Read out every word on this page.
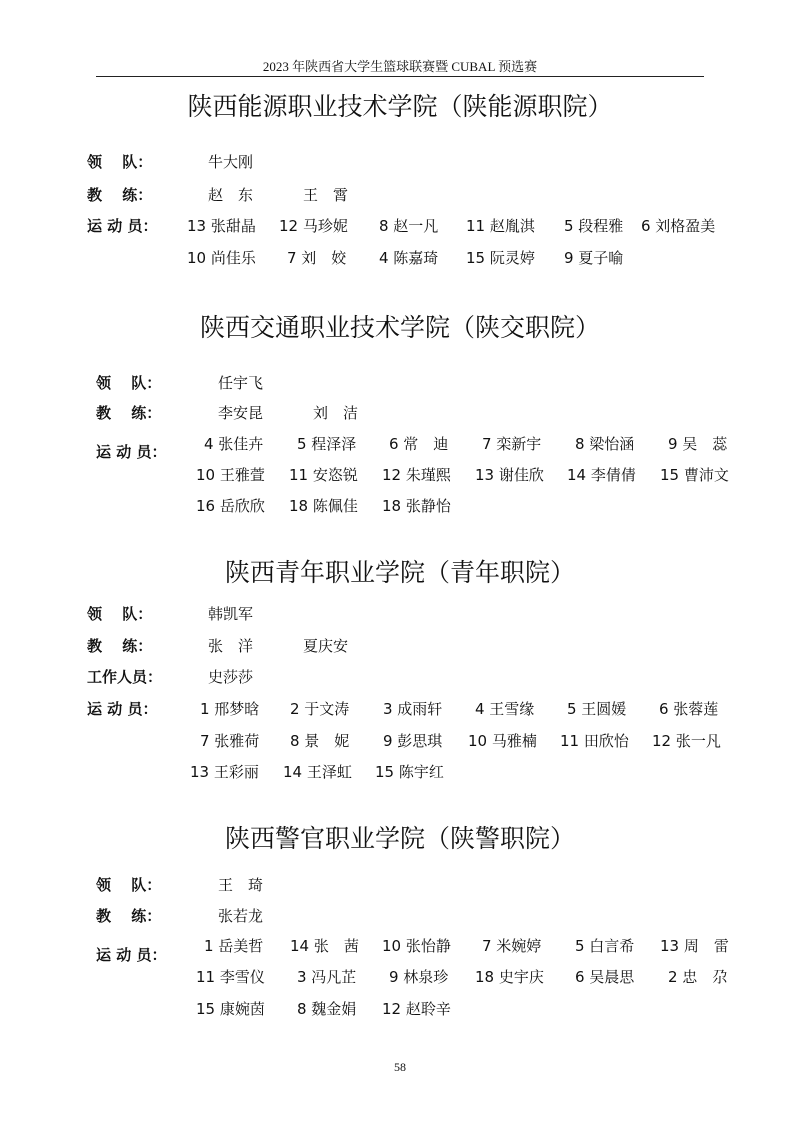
2023 年陕西省大学生篮球联赛暨 CUBAL 预选赛
陕西能源职业技术学院（陕能源职院）
领　 队：	牛大刚
教　 练：	赵　东	王　霄
运 动 员： 13 张甜晶 12 马珍妮 8 赵一凡 11 赵胤淇 5 段程雅 6 刘格盈美
10 尚佳乐 7 刘　姣 4 陈嘉琦 15 阮灵婷 9 夏子喻
陕西交通职业技术学院（陕交职院）
领　 队：	任宇飞
教　 练：	李安昆	刘　洁
运 动 员：	4 张佳卉 5 程泽泽 6 常　迪 7 栾新宇 8 梁怡涵 9 吴　蕊
10 王雅萱 11 安恣锐 12 朱瑾熙 13 谢佳欣 14 李倩倩 15 曹沛文
16 岳欣欣 18 陈佩佳 18 张静怡
陕西青年职业学院（青年职院）
领　 队：	韩凯军
教　 练：	张　洋	夏庆安
工作人员：	史莎莎
运 动 员：	1 邢梦晗 2 于文涛 3 成雨轩 4 王雪缘 5 王圆媛 6 张蓉莲
7 张雅荷 8 景　妮 9 彭思琪 10 马雅楠 11 田欣怡 12 张一凡
13 王彩丽 14 王泽虹 15 陈宇红
陕西警官职业学院（陕警职院）
领　 队：	王　琦
教　 练：	张若龙
运 动 员：	1 岳美哲 14 张　茜 10 张怡静 7 米婉婷 5 白言希 13 周　雷
11 李雪仪 3 冯凡芷 9 林泉珍 18 史宇庆 6 吴晨思 2 忠　尕
15 康婉茵 8 魏金娟 12 赵聆辛
58
